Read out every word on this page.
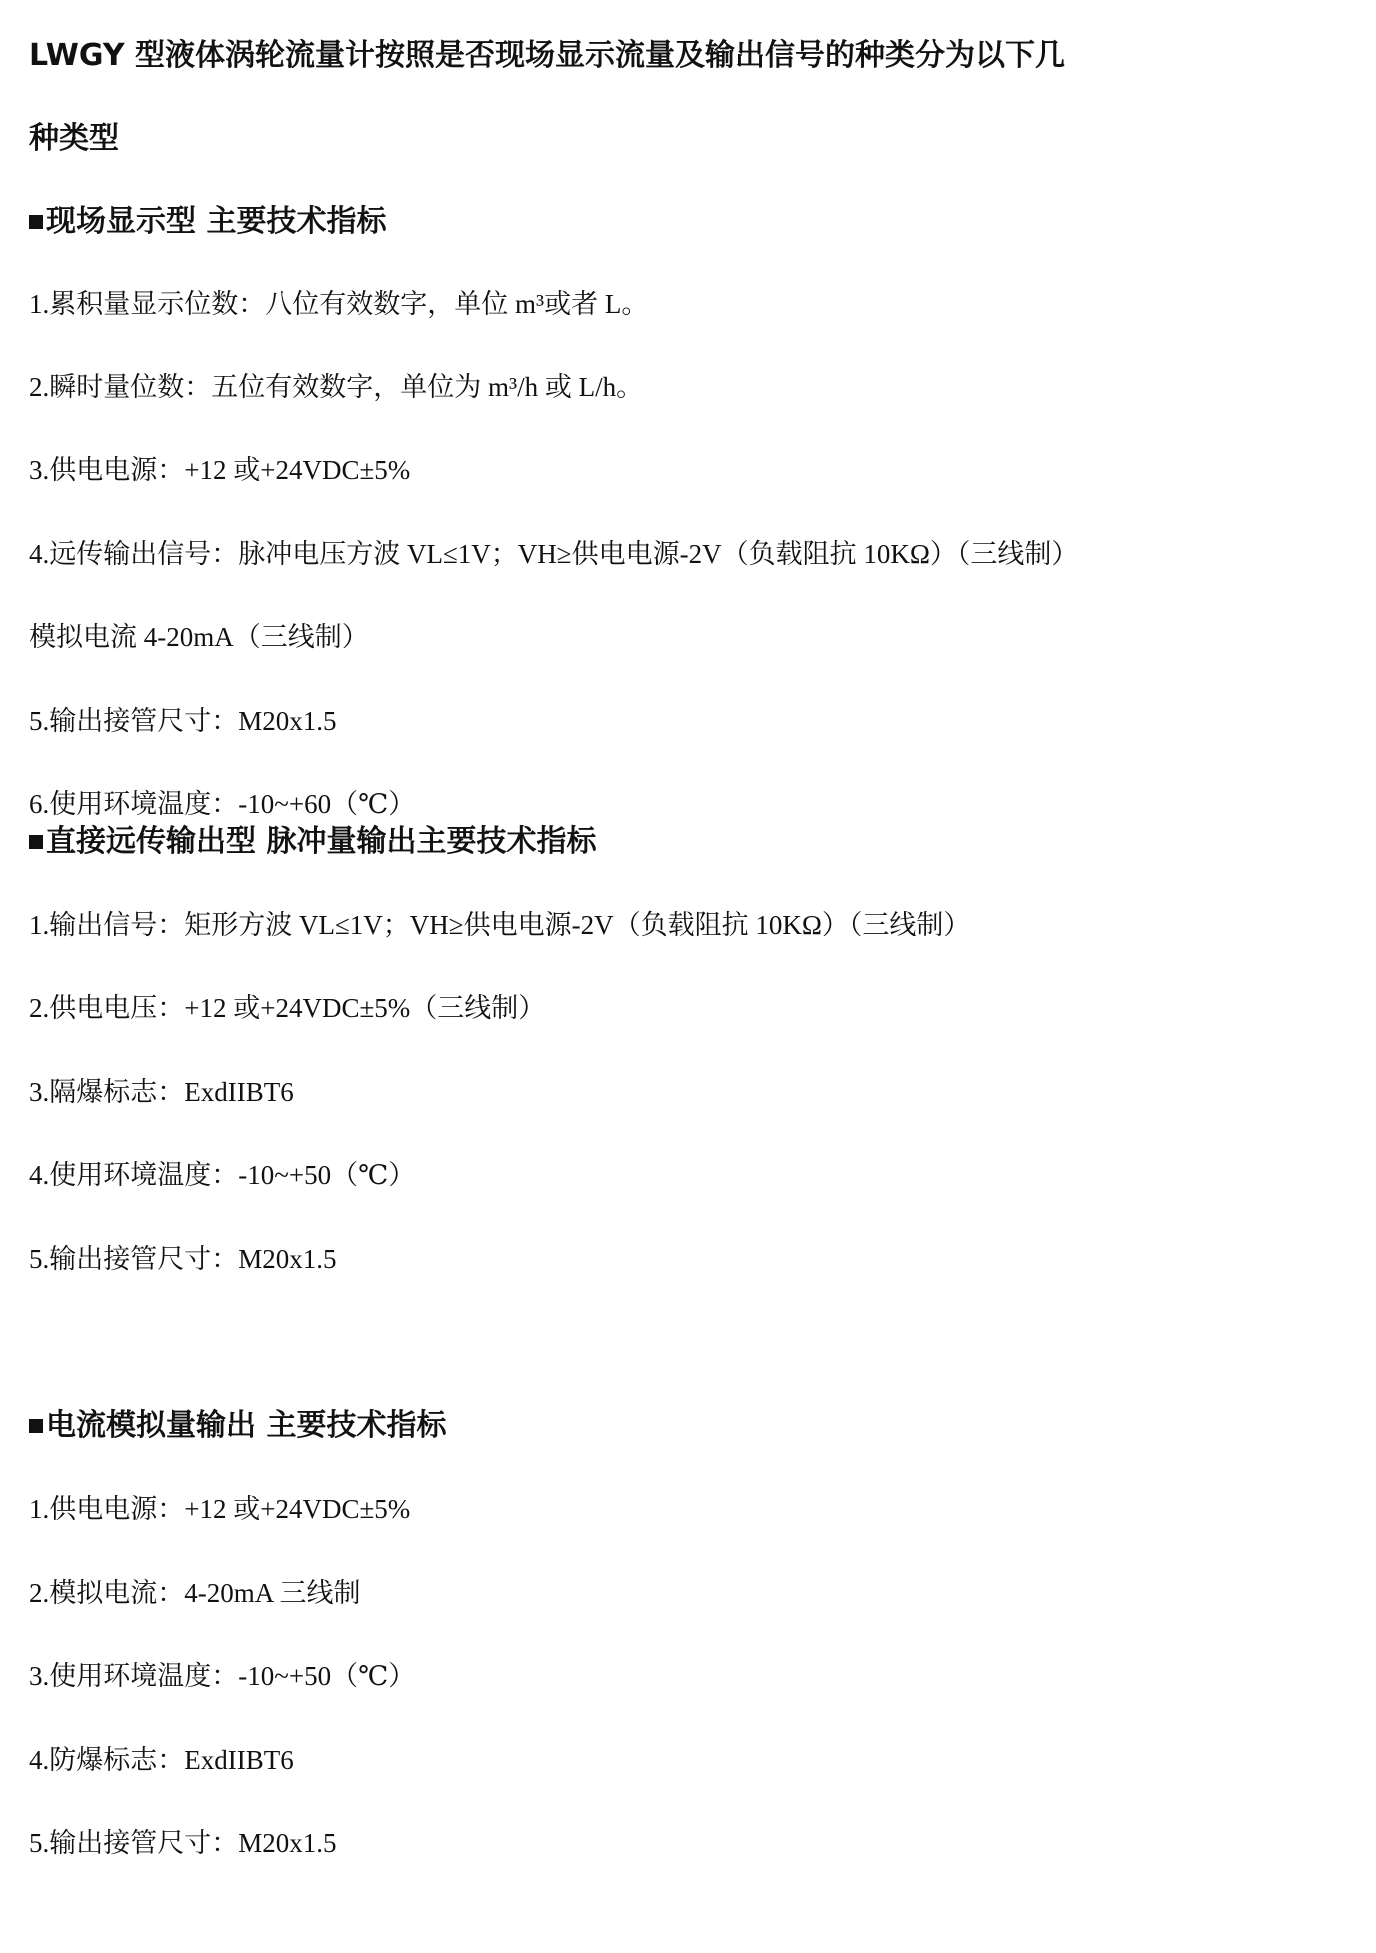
LWGY 型液体涡轮流量计按照是否现场显示流量及输出信号的种类分为以下几
种类型
现场显示型 主要技术指标
1.累积量显示位数：八位有效数字，单位 m³或者 L。
2.瞬时量位数：五位有效数字，单位为 m³/h 或 L/h。
3.供电电源：+12 或+24VDC±5%
4.远传输出信号：脉冲电压方波 VL≤1V；VH≥供电电源-2V（负载阻抗 10KΩ）（三线制）
模拟电流 4-20mA（三线制）
5.输出接管尺寸：M20x1.5
6.使用环境温度：-10~+60（℃）
直接远传输出型 脉冲量输出主要技术指标
1.输出信号：矩形方波 VL≤1V；VH≥供电电源-2V（负载阻抗 10KΩ）（三线制）
2.供电电压：+12 或+24VDC±5%（三线制）
3.隔爆标志：ExdIIBT6
4.使用环境温度：-10~+50（℃）
5.输出接管尺寸：M20x1.5
电流模拟量输出 主要技术指标
1.供电电源：+12 或+24VDC±5%
2.模拟电流：4-20mA 三线制
3.使用环境温度：-10~+50（℃）
4.防爆标志：ExdIIBT6
5.输出接管尺寸：M20x1.5
